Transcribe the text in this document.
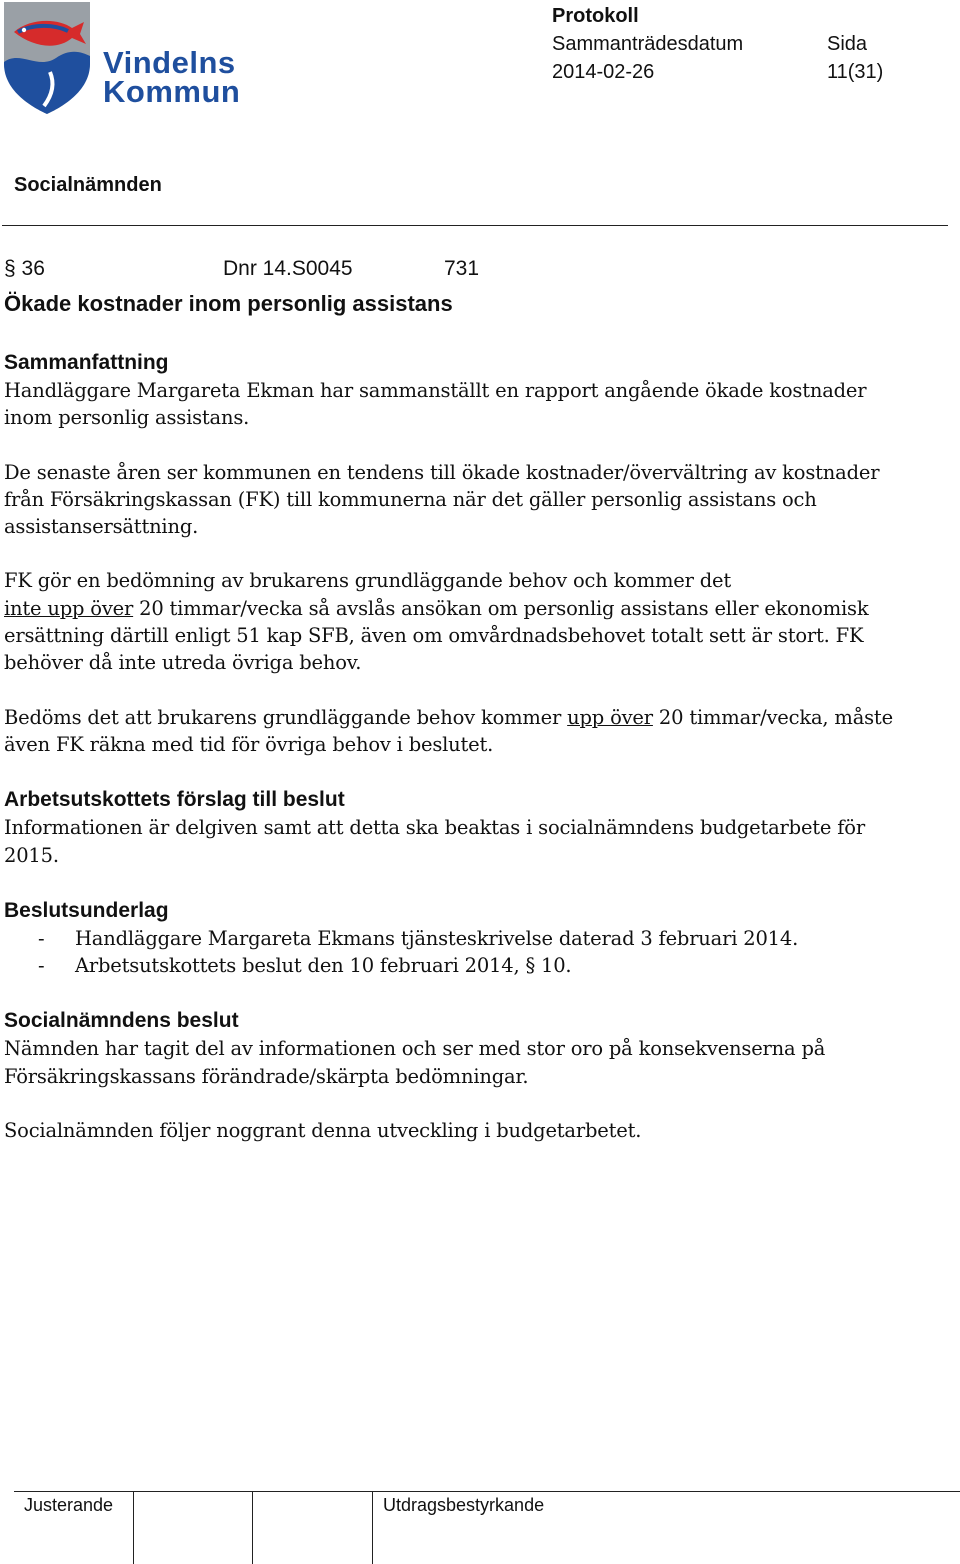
Vindelns
Kommun
Protokoll
Sammanträdesdatum
2014-02-26
Sida
11(31)
Socialnämnden
§ 36	Dnr 14.S0045	731
Ökade kostnader inom personlig assistans
Sammanfattning

Handläggare Margareta Ekman har sammanställt en rapport angående ökade kostnader inom personlig assistans.

De senaste åren ser kommunen en tendens till ökade kostnader/övervältring av kostnader från Försäkringskassan (FK) till kommunerna när det gäller personlig assistans och assistansersättning.

FK gör en bedömning av brukarens grundläggande behov och kommer det
inte upp över 20 timmar/vecka så avslås ansökan om personlig assistans eller ekonomisk ersättning därtill enligt 51 kap SFB, även om omvårdnadsbehovet totalt sett är stort. FK behöver då inte utreda övriga behov.

Bedöms det att brukarens grundläggande behov kommer upp över 20 timmar/vecka, måste även FK räkna med tid för övriga behov i beslutet.

Arbetsutskottets förslag till beslut

Informationen är delgiven samt att detta ska beaktas i socialnämndens budgetarbete för 2015.

Beslutsunderlag
- Handläggare Margareta Ekmans tjänsteskrivelse daterad 3 februari 2014.
- Arbetsutskottets beslut den 10 februari 2014, § 10.
Socialnämndens beslut

Nämnden har tagit del av informationen och ser med stor oro på konsekvenserna på Försäkringskassans förändrade/skärpta bedömningar.

Socialnämnden följer noggrant denna utveckling i budgetarbetet.

Justerande	Utdragsbestyrkande
